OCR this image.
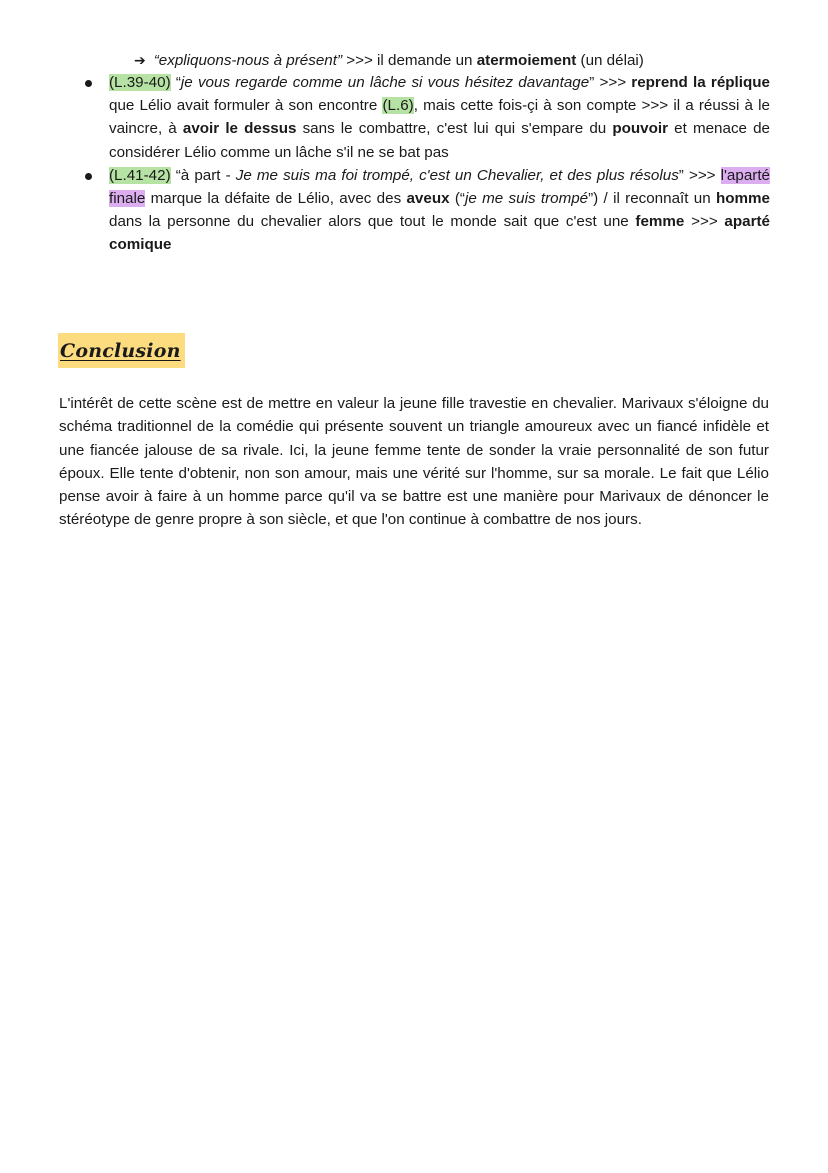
➔ “expliquons-nous à présent” >>> il demande un atermoiement (un délai)
(L.39-40) “je vous regarde comme un lâche si vous hésitez davantage” >>> reprend la réplique que Lélio avait formuler à son encontre (L.6), mais cette fois-çi à son compte >>> il a réussi à le vaincre, à avoir le dessus sans le combattre, c'est lui qui s'empare du pouvoir et menace de considérer Lélio comme un lâche s'il ne se bat pas
(L.41-42) “à part - Je me suis ma foi trompé, c'est un Chevalier, et des plus résolus” >>> l'aparté finale marque la défaite de Lélio, avec des aveux (“je me suis trompé”) / il reconnaît un homme dans la personne du chevalier alors que tout le monde sait que c'est une femme >>> aparté comique
Conclusion

L'intérêt de cette scène est de mettre en valeur la jeune fille travestie en chevalier. Marivaux s'éloigne du schéma traditionnel de la comédie qui présente souvent un triangle amoureux avec un fiancé infidèle et une fiancée jalouse de sa rivale. Ici, la jeune femme tente de sonder la vraie personnalité de son futur époux. Elle tente d'obtenir, non son amour, mais une vérité sur l'homme, sur sa morale. Le fait que Lélio pense avoir à faire à un homme parce qu'il va se battre est une manière pour Marivaux de dénoncer le stéréotype de genre propre à son siècle, et que l'on continue à combattre de nos jours.
